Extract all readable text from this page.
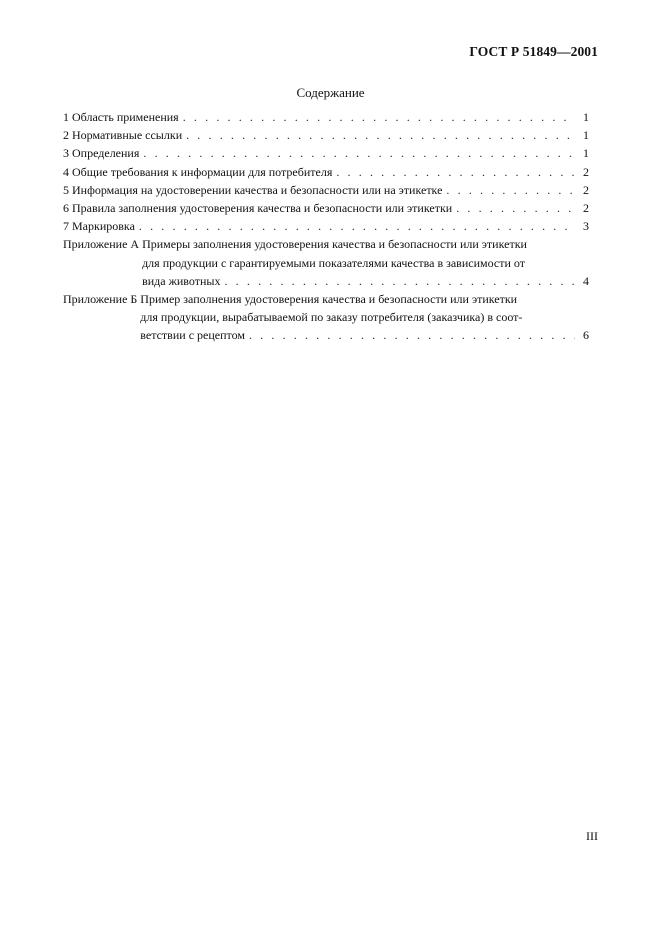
ГОСТ Р 51849—2001
Содержание
1 Область применения . . .	1
2 Нормативные ссылки . . .	1
3 Определения . . .	1
4 Общие требования к информации для потребителя . . .	2
5 Информация на удостоверении качества и безопасности или на этикетке . . .	2
6 Правила заполнения удостоверения качества и безопасности или этикетки . . .	2
7 Маркировка . . .	3
Приложение А Примеры заполнения удостоверения качества и безопасности или этикетки
для продукции с гарантируемыми показателями качества в зависимости от
вида животных . . .	4
Приложение Б Пример заполнения удостоверения качества и безопасности или этикетки
для продукции, вырабатываемой по заказу потребителя (заказчика) в соот-
ветствии с рецептом . . .	6
III
